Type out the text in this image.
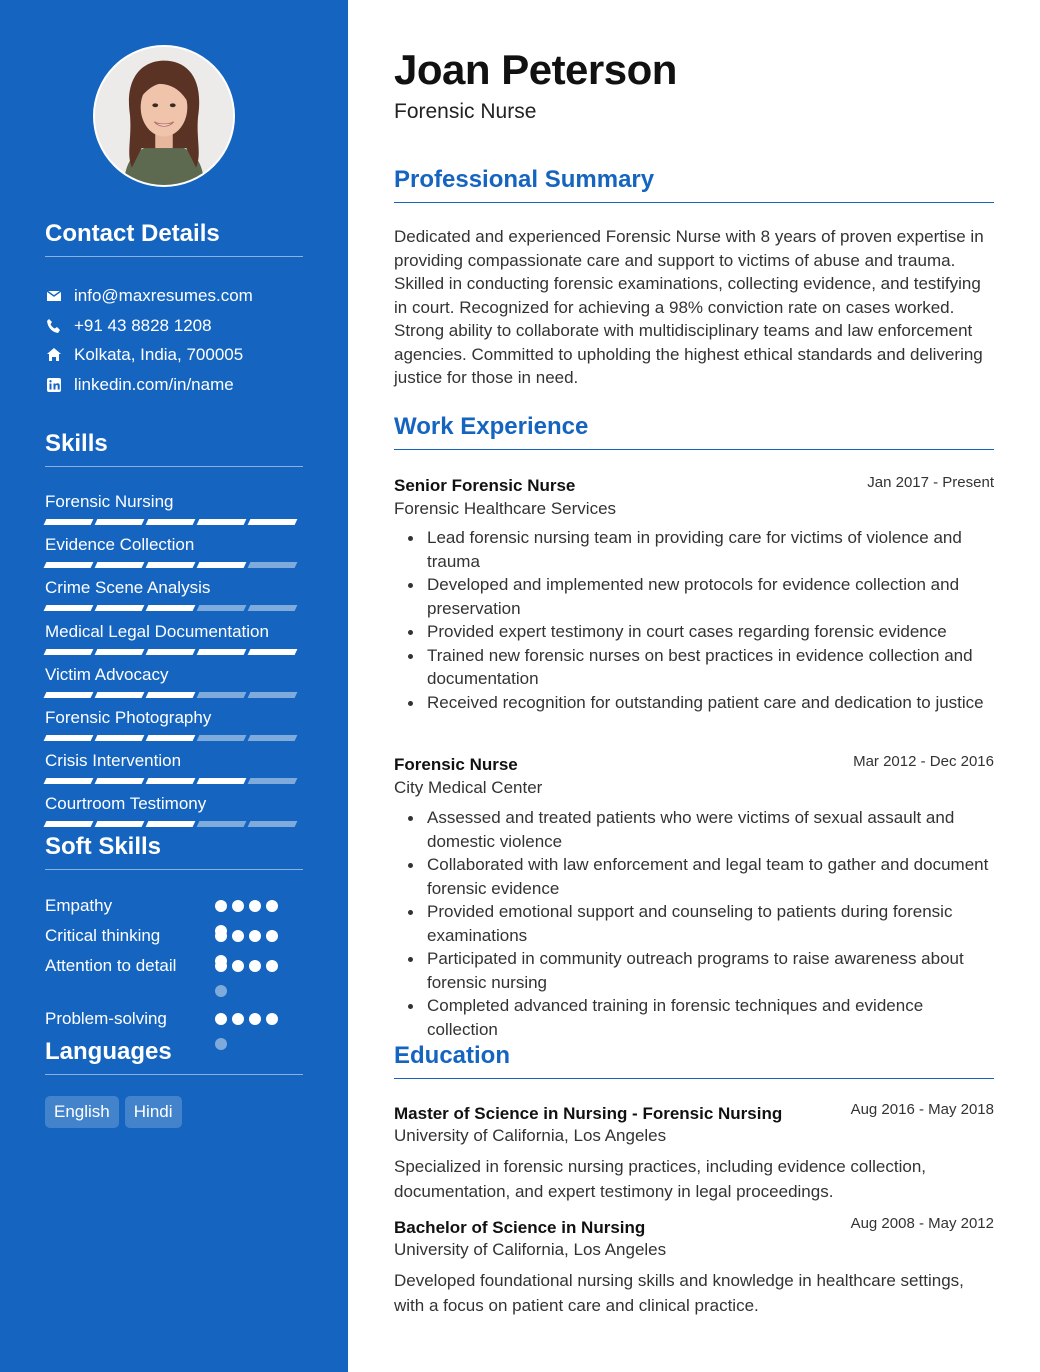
Contact Details
info@maxresumes.com
+91 43 8828 1208
Kolkata, India, 700005
linkedin.com/in/name
Skills
Forensic Nursing
Evidence Collection
Crime Scene Analysis
Medical Legal Documentation
Victim Advocacy
Forensic Photography
Crisis Intervention
Courtroom Testimony
Soft Skills
Empathy
Critical thinking
Attention to detail
Problem-solving
Languages
English	Hindi
Joan Peterson
Forensic Nurse
Professional Summary
Dedicated and experienced Forensic Nurse with 8 years of proven expertise in providing compassionate care and support to victims of abuse and trauma. Skilled in conducting forensic examinations, collecting evidence, and testifying in court. Recognized for achieving a 98% conviction rate on cases worked. Strong ability to collaborate with multidisciplinary teams and law enforcement agencies. Committed to upholding the highest ethical standards and delivering justice for those in need.
Work Experience
Senior Forensic Nurse	Jan 2017 - Present
Forensic Healthcare Services
Lead forensic nursing team in providing care for victims of violence and trauma
Developed and implemented new protocols for evidence collection and preservation
Provided expert testimony in court cases regarding forensic evidence
Trained new forensic nurses on best practices in evidence collection and documentation
Received recognition for outstanding patient care and dedication to justice
Forensic Nurse	Mar 2012 - Dec 2016
City Medical Center
Assessed and treated patients who were victims of sexual assault and domestic violence
Collaborated with law enforcement and legal team to gather and document forensic evidence
Provided emotional support and counseling to patients during forensic examinations
Participated in community outreach programs to raise awareness about forensic nursing
Completed advanced training in forensic techniques and evidence collection
Education
Master of Science in Nursing - Forensic Nursing	Aug 2016 - May 2018
University of California, Los Angeles
Specialized in forensic nursing practices, including evidence collection, documentation, and expert testimony in legal proceedings.
Bachelor of Science in Nursing	Aug 2008 - May 2012
University of California, Los Angeles
Developed foundational nursing skills and knowledge in healthcare settings, with a focus on patient care and clinical practice.
